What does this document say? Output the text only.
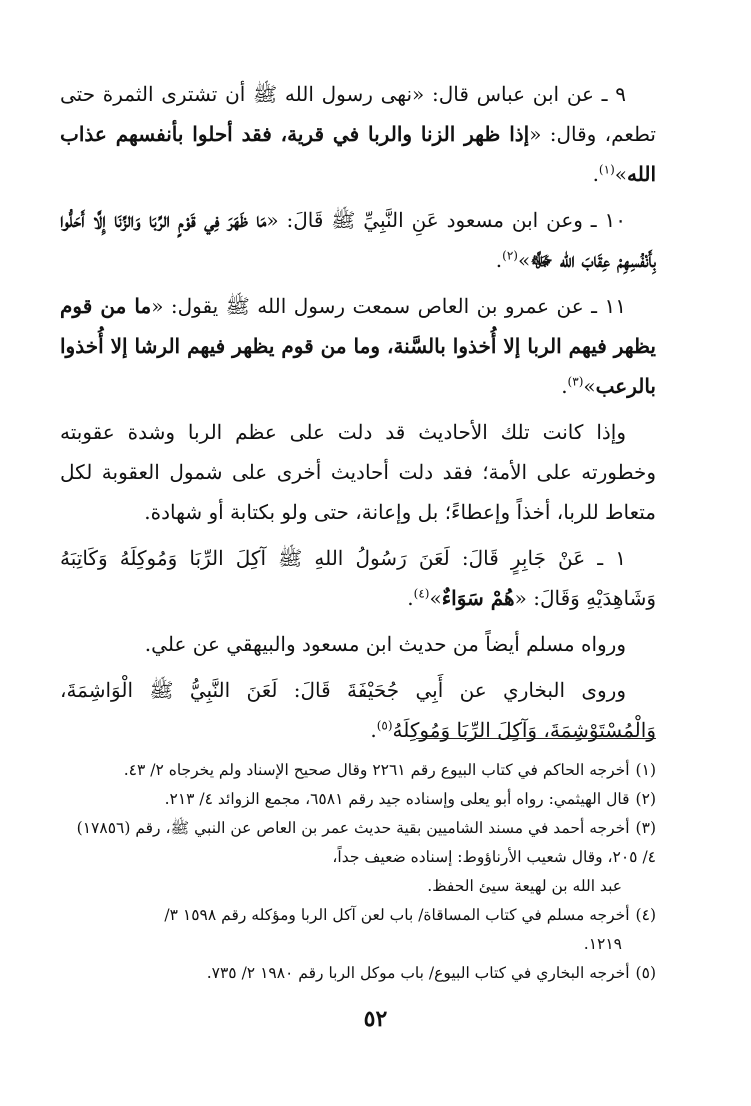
٩ ـ عن ابن عباس قال: «نهى رسول الله ﷺ أن تشترى الثمرة حتى تطعم، وقال: «إذا ظهر الزنا والربا في قرية، فقد أحلوا بأنفسهم عذاب الله»$^{(١)}$.

١٠ ـ وعن ابن مسعود عَنِ النَّبِيِّ ﷺ قَالَ: «مَا ظَهَرَ فِي قَوْمٍ الرِّبَا وَالزِّنَا إِلَّا أَحَلُّوا بِأَنْفُسِهِمْ عِقَابَ الله ﷻ»$^{(٢)}$.

١١ ـ عن عمرو بن العاص سمعت رسول الله ﷺ يقول: «ما من قوم يظهر فيهم الربا إلا أُخذوا بالسَّنة، وما من قوم يظهر فيهم الرشا إلا أُخذوا بالرعب»$^{(٣)}$.

وإذا كانت تلك الأحاديث قد دلت على عظم الربا وشدة عقوبته وخطورته على الأمة؛ فقد دلت أحاديث أخرى على شمول العقوبة لكل متعاط للربا، أخذاً وإعطاءً؛ بل وإعانة، حتى ولو بكتابة أو شهادة.

١ ـ عَنْ جَابِرٍ قَالَ: لَعَنَ رَسُولُ اللهِ ﷺ آكِلَ الرِّبَا وَمُوكِلَهُ وَكَاتِبَهُ وَشَاهِدَيْهِ وَقَالَ: «هُمْ سَوَاءٌ»$^{(٤)}$.

ورواه مسلم أيضاً من حديث ابن مسعود والبيهقي عن علي.

وروى البخاري عن أَبِي جُحَيْفَةَ قَالَ: لَعَنَ النَّبِيُّ ﷺ الْوَاشِمَةَ، وَالْمُسْتَوْشِمَةَ، وَآكِلَ الرِّبَا وَمُوكِلَهُ$^{(٥)}$.

(١)أخرجه الحاكم في كتاب البيوع رقم ٢٢٦١ وقال صحيح الإسناد ولم يخرجاه ٢/ ٤٣.

(٢)قال الهيثمي: رواه أبو يعلى وإسناده جيد رقم ٦٥٨١، مجمع الزوائد ٤/ ٢١٣.

(٣)أخرجه أحمد في مسند الشاميين بقية حديث عمر بن العاص عن النبي ﷺ، رقم (١٧٨٥٦) ٤/ ٢٠٥، وقال شعيب الأرناؤوط: إسناده ضعيف جداً،

عبد الله بن لهيعة سيئ الحفظ.

(٤)أخرجه مسلم في كتاب المساقاة/ باب لعن آكل الربا ومؤكله رقم ١٥٩٨ ٣/

١٢١٩.

(٥)أخرجه البخاري في كتاب البيوع/ باب موكل الربا رقم ١٩٨٠ ٢/ ٧٣٥.

٥٢
